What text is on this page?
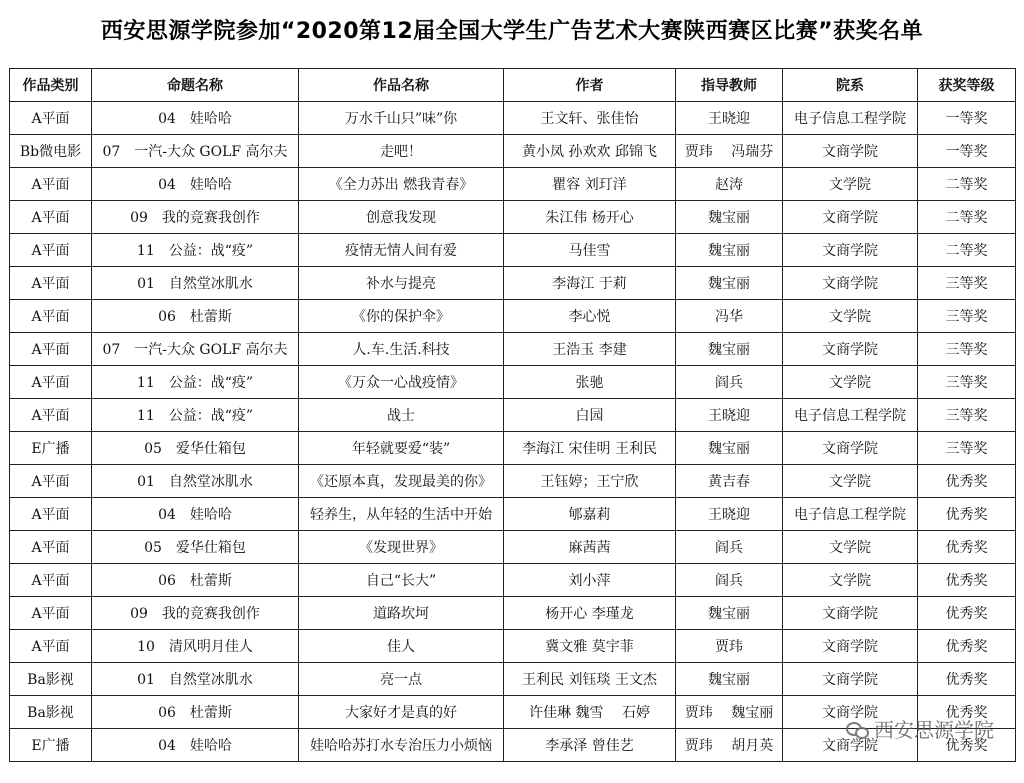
西安思源学院参加“2020第12届全国大学生广告艺术大赛陕西赛区比赛”获奖名单
作品类别	命题名称	作品名称	作者	指导教师	院系	获奖等级
A平面	04　娃哈哈	万水千山只”味”你	王文轩、张佳怡	王晓迎	电子信息工程学院	一等奖
Bb微电影	07　一汽-大众 GOLF 高尔夫	走吧！	黄小凤 孙欢欢 邱锦飞	贾玮　 冯瑞芬	文商学院	一等奖
A平面	04　娃哈哈	《全力苏出 燃我青春》	瞿容 刘玎洋	赵涛	文学院	二等奖
A平面	09　我的竞赛我创作	创意我发现	朱江伟 杨开心	魏宝丽	文商学院	二等奖
A平面	11　公益：战“疫”	疫情无情人间有爱	马佳雪	魏宝丽	文商学院	二等奖
A平面	01　自然堂冰肌水	补水与提亮	李海江 于莉	魏宝丽	文商学院	三等奖
A平面	06　杜蕾斯	《你的保护伞》	李心悦	冯华	文学院	三等奖
A平面	07　一汽-大众 GOLF 高尔夫	人.车.生活.科技	王浩玉 李建	魏宝丽	文商学院	三等奖
A平面	11　公益：战“疫”	《万众一心战疫情》	张驰	阎兵	文学院	三等奖
A平面	11　公益：战“疫”	战士	白园	王晓迎	电子信息工程学院	三等奖
E广播	05　爱华仕箱包	年轻就要爱“装”	李海江 宋佳明 王利民	魏宝丽	文商学院	三等奖
A平面	01　自然堂冰肌水	《还原本真，发现最美的你》	王钰婷；王宁欣	黄吉春	文学院	优秀奖
A平面	04　娃哈哈	轻养生，从年轻的生活中开始	郇嘉莉	王晓迎	电子信息工程学院	优秀奖
A平面	05　爱华仕箱包	《发现世界》	麻茜茜	阎兵	文学院	优秀奖
A平面	06　杜蕾斯	自己“长大”	刘小萍	阎兵	文学院	优秀奖
A平面	09　我的竞赛我创作	道路坎坷	杨开心 李瑾龙	魏宝丽	文商学院	优秀奖
A平面	10　清风明月佳人	佳人	冀文雅 莫宇菲	贾玮	文商学院	优秀奖
Ba影视	01　自然堂冰肌水	亮一点	王利民 刘钰琰 王文杰	魏宝丽	文商学院	优秀奖
Ba影视	06　杜蕾斯	大家好才是真的好	许佳琳 魏雪　 石婷	贾玮　 魏宝丽	文商学院	优秀奖
E广播	04　娃哈哈	娃哈哈苏打水专治压力小烦恼	李承泽 曾佳艺	贾玮　 胡月英	文商学院	优秀奖
西安思源学院
